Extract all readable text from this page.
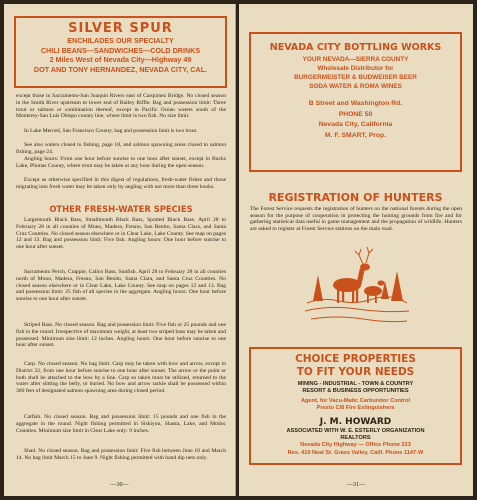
SILVER SPUR
ENCHILADES OUR SPECIALTY
CHILI BEANS—SANDWICHES—COLD DRINKS
2 Miles West of Nevada City—Highway 49
DOT AND TONY HERNANDEZ, NEVADA CITY, CAL.
except those in Sacramento-San Joaquin Rivers east of Carquinez Bridge. No closed season in the Smith River upstream to lower end of Bailey Riffle. Bag and possession limit: Three trout or salmon or combination thereof, except in Pacific Ocean waters south of the Monterey-San Luis Obispo county line, where limit is two fish. No size limit.
In Lake Merced, San Francisco County, bag and possession limit is two trout.
See also waters closed to fishing, page 18, and salmon spawning areas closed to salmon fishing, page 24.
Angling hours: From one hour before sunrise to one hour after sunset, except in Bucks Lake, Plumas County, where trout may be taken at any hour during the open season.
Except as otherwise specified in this digest of regulations, fresh-water fishes and those migrating into fresh water may be taken only by angling with not more than three hooks.
OTHER FRESH-WATER SPECIES
Largemouth Black Bass, Smallmouth Black Bass, Spotted Black Bass. April 28 to February 28 in all counties of Mono, Madera, Fresno, San Benito, Santa Clara, and Santa Cruz Counties. No closed season elsewhere or in Clear Lake, Lake County. See map on pages 12 and 13. Bag and possession limit: Five fish. Angling hours: One hour before sunrise to one hour after sunset.
Sacramento Perch, Crappie, Calico Bass, Sunfish. April 28 to February 28 in all counties north of Mono, Madera, Fresno, San Benito, Santa Clara, and Santa Cruz Counties. No closed season elsewhere or in Clear Lake, Lake County. See map on pages 12 and 13. Bag and possession limit: 25 fish of all species in the aggregate. Angling hours: One hour before sunrise to one hour after sunset.
Striped Bass. No closed season. Bag and possession limit: Five fish or 25 pounds and one fish in the round. Irrespective of maximum weight, at least two striped bass may be taken and possessed. Minimum size limit: 12 inches. Angling hours: One hour before sunrise to one hour after sunset.
Carp. No closed season. No bag limit. Carp may be taken with bow and arrow, except in District 22, from one hour before sunrise to one hour after sunset. The arrow or the point or both shall be attached to the bow by a line. Carp so taken must be utilized, returned to the water after slitting the belly, or buried. No bow and arrow tackle shall be possessed within 300 feet of designated salmon spawning area during closed period.
Catfish. No closed season. Bag and possession limit: 15 pounds and one fish in the aggregate in the round. Night fishing permitted in Siskiyou, Shasta, Lake, and Modoc Counties. Minimum size limit in Clear Lake only: 9 inches.
Shad. No closed season. Bag and possession limit: Five fish between June 10 and March 14. No bag limit March 15 to June 9. Night fishing permitted with hand dip nets only.
—30—
NEVADA CITY BOTTLING WORKS
YOUR NEVADA—SIERRA COUNTY
Wholesale Distributor for
BURGERMEISTER & BUDWEISER BEER
SODA WATER & ROMA WINES
B Street and Washington Rd.
PHONE 50
Nevada City, California
M. F. SMART, Prop.
REGISTRATION OF HUNTERS
The Forest Service requests the registration of hunters on the national forests during the open season for the purpose of cooperation in protecting the hunting grounds from fire and for gathering statistical data useful in game management and the propagation of wildlife. Hunters are asked to register at Forest Service stations on the main road.
CHOICE PROPERTIES
TO FIT YOUR NEEDS
MINING - INDUSTRIAL - TOWN & COUNTRY
RESORT & BUSINESS OPPORTUNITIES
Agent, for Vacu-Matic Carburetor Control
Presto C/8 Fire Extinguishers
J. M. HOWARD
ASSOCIATED WITH W. E. ESTERLY ORGANIZATION
REALTORS
Nevada City Highway — Office Phone 223
Res. 410 Neal St. Grass Valley, Calif. Phone 1147-W
—31—
